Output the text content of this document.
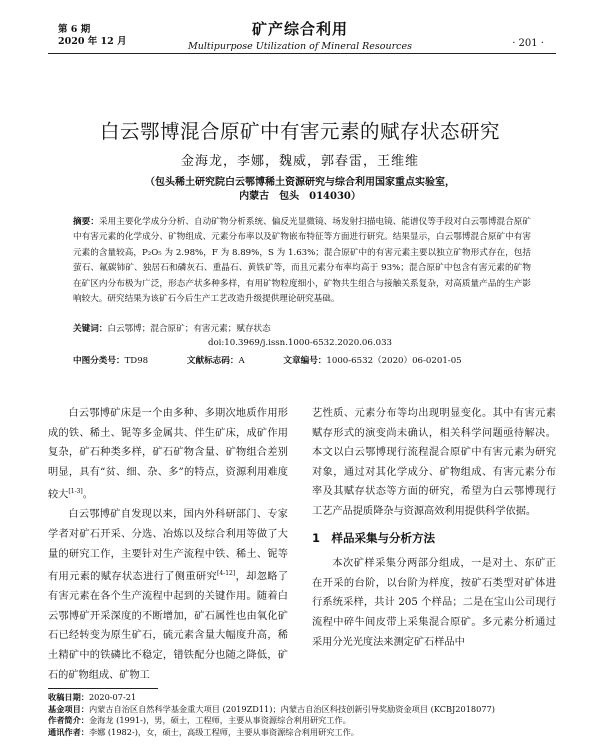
第 6 期
2020 年 12 月
矿产综合利用
Multipurpose Utilization of Mineral Resources	· 201 ·
白云鄂博混合原矿中有害元素的赋存状态研究
金海龙，李娜，魏威，郭春雷，王维维
（包头稀土研究院白云鄂博稀土资源研究与综合利用国家重点实验室，
内蒙古　包头　014030）
摘要：采用主要化学成分分析、自动矿物分析系统、偏反光显微镜、场发射扫描电镜、能谱仪等手段对白云鄂博混合原矿中有害元素的化学成分、矿物组成、元素分布率以及矿物嵌布特征等方面进行研究。结果显示，白云鄂博混合原矿中有害元素的含量较高，P₂O₅ 为 2.98%，F 为 8.89%，S 为 1.63%；混合原矿中的有害元素主要以独立矿物形式存在，包括萤石、氟碳铈矿、独居石和磷灰石、重晶石、黄铁矿等，而且元素分布率均高于 93%；混合原矿中包含有害元素的矿物在矿区内分布极为广泛，形态产状多种多样，有用矿物粒度细小，矿物共生组合与接触关系复杂，对高质量产品的生产影响较大。研究结果为该矿石今后生产工艺改造升级提供理论研究基础。
关键词：白云鄂博；混合原矿；有害元素；赋存状态
doi:10.3969/j.issn.1000-6532.2020.06.033
中图分类号：TD98	文献标志码：A	文章编号：1000-6532（2020）06-0201-05

白云鄂博矿床是一个由多种、多期次地质作用形成的铁、稀土、铌等多金属共、伴生矿床，成矿作用复杂，矿石种类多样，矿石矿物含量、矿物组合差别明显，具有“贫、细、杂、多”的特点，资源利用难度较大[1-3]。

白云鄂博矿自发现以来，国内外科研部门、专家学者对矿石开采、分选、冶炼以及综合利用等做了大量的研究工作，主要针对生产流程中铁、稀土、铌等有用元素的赋存状态进行了侧重研究[4-12]，却忽略了有害元素在各个生产流程中起到的关键作用。随着白云鄂博矿开采深度的不断增加，矿石属性也由氧化矿石已经转变为原生矿石，硫元素含量大幅度升高，稀土精矿中的铁磷比不稳定，错铁配分也随之降低，矿石的矿物组成、矿物工

艺性质、元素分布等均出现明显变化。其中有害元素赋存形式的演变尚未确认，相关科学问题亟待解决。本文以白云鄂博现行流程混合原矿中有害元素为研究对象，通过对其化学成分、矿物组成、有害元素分布率及其赋存状态等方面的研究，希望为白云鄂博现行工艺产品提质降杂与资源高效利用提供科学依据。

1　样品采集与分析方法

本次矿样采集分两部分组成，一是对土、东矿正在开采的台阶，以台阶为样度，按矿石类型对矿体进行系统采样，共计 205 个样品；二是在宝山公司现行流程中碎牛间皮带上采集混合原矿。多元素分析通过采用分光光度法来测定矿石样品中

收稿日期：2020-07-21
基金项目：内蒙古自治区自然科学基金重大项目 (2019ZD11)；内蒙古自治区科技创新引导奖励资金项目 (KCBJ2018077)
作者简介：金海龙 (1991-)，男，硕士，工程师，主要从事资源综合利用研究工作。
通讯作者：李娜 (1982-)，女，硕士，高级工程师，主要从事资源综合利用研究工作。
